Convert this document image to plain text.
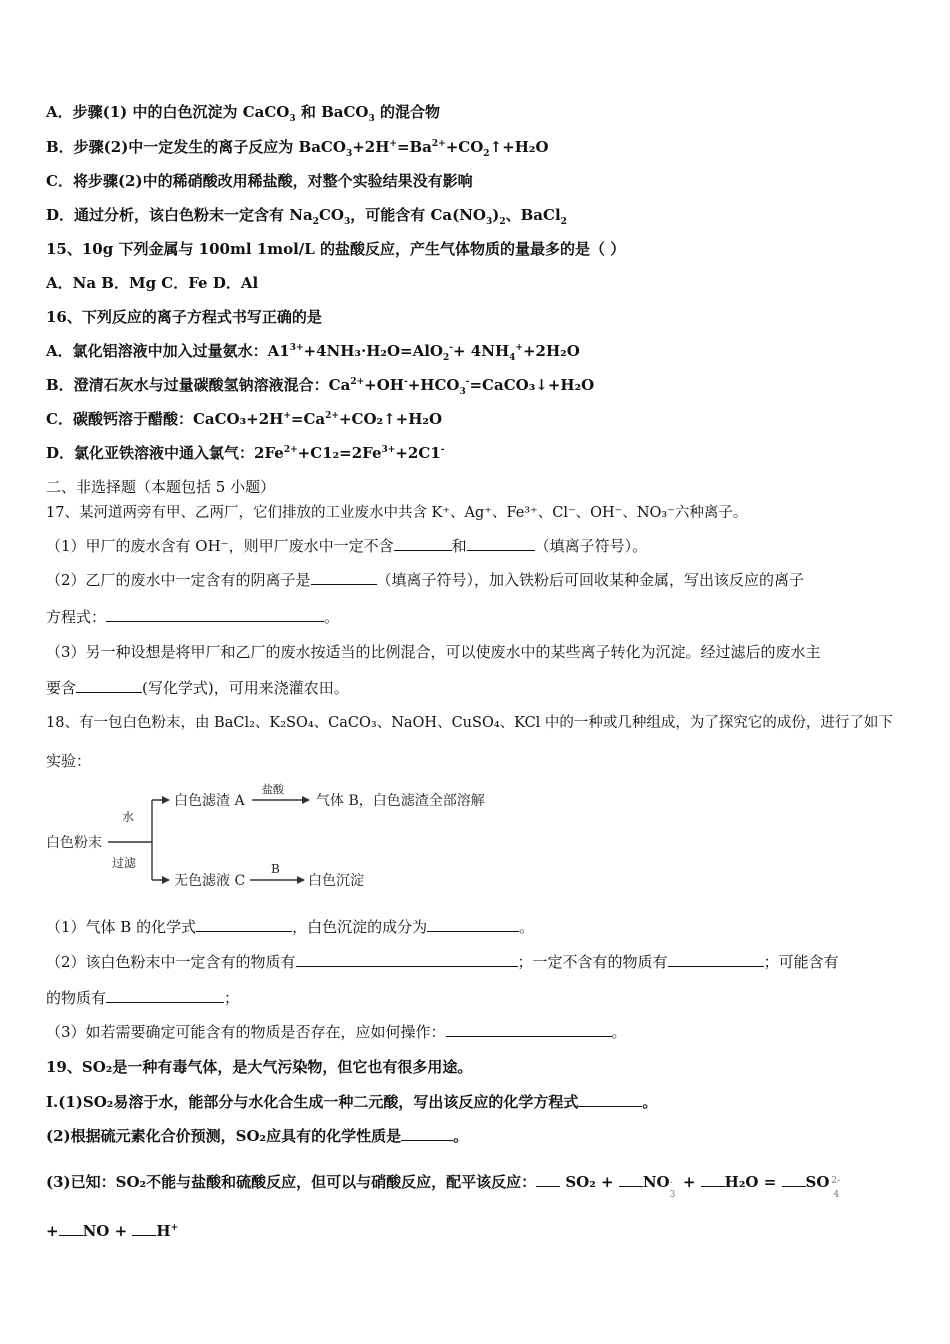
A．步骤(1) 中的白色沉淀为 CaCO$_3$ 和 BaCO$_3$ 的混合物
B．步骤(2)中一定发生的离子反应为 $BaCO_3+2H^+=Ba^{2+}+CO_2↑+H_2O$
C．将步骤(2)中的稀硝酸改用稀盐酸，对整个实验结果没有影响
D．通过分析，该白色粉末一定含有 $Na_2CO_3$，可能含有 $Ca(NO_3)_2$、BaCl$_2$
15、10g 下列金属与 100ml 1mol/L 的盐酸反应，产生气体物质的量最多的是（ ）
A．Na B．Mg C．Fe D．Al
16、下列反应的离子方程式书写正确的是
A．氯化铝溶液中加入过量氨水：$A1^{3+}+4NH_3\cdot H_2O=AlO_2^-+ 4NH_4^++2H_2O$
B．澄清石灰水与过量碳酸氢钠溶液混合：$Ca^{2+}+OH^-+HCO_3^-=CaCO_3↓+H_2O$
C．碳酸钙溶于醋酸：$CaCO_3+2H^+=Ca^{2+}+CO_2↑+H_2O$
D．氯化亚铁溶液中通入氯气：$2Fe^{2+}+C1_2=2Fe^{3+}+2C1^-$
二、非选择题（本题包括 5 小题）
17、某河道两旁有甲、乙两厂，它们排放的工业废水中共含 K⁺、Ag⁺、Fe³⁺、Cl⁻、OH⁻、NO₃⁻六种离子。
（1）甲厂的废水含有 OH⁻，则甲厂废水中一定不含	和	（填离子符号）。
（2）乙厂的废水中一定含有的阴离子是	（填离子符号），加入铁粉后可回收某种金属，写出该反应的离子
方程式：	。
（3）另一种设想是将甲厂和乙厂的废水按适当的比例混合，可以使废水中的某些离子转化为沉淀。经过滤后的废水主
要含	(写化学式)，可用来浇灌农田。
18、有一包白色粉末，由 BaCl₂、K₂SO₄、CaCO₃、NaOH、CuSO₄、KCl 中的一种或几种组成，为了探究它的成份，进行了如下
实验：
白色粉末
水
过滤
白色滤渣 A
盐酸
气体 B，白色滤渣全部溶解
无色滤液 C
B
白色沉淀
（1）气体 B 的化学式	，白色沉淀的成分为	。
（2）该白色粉末中一定含有的物质有	；一定不含有的物质有	；可能含有
的物质有	；
（3）如若需要确定可能含有的物质是否存在，应如何操作：	。
19、SO₂是一种有毒气体，是大气污染物，但它也有很多用途。
I.(1)SO₂易溶于水，能部分与水化合生成一种二元酸，写出该反应的化学方程式	。
(2)根据硫元素化合价预测，SO₂应具有的化学性质是	。
(3)已知：SO₂不能与盐酸和硫酸反应，但可以与硝酸反应，配平该反应： SO₂ + NO -
3
+ H₂O = SO 2-
4
+ NO + H+
